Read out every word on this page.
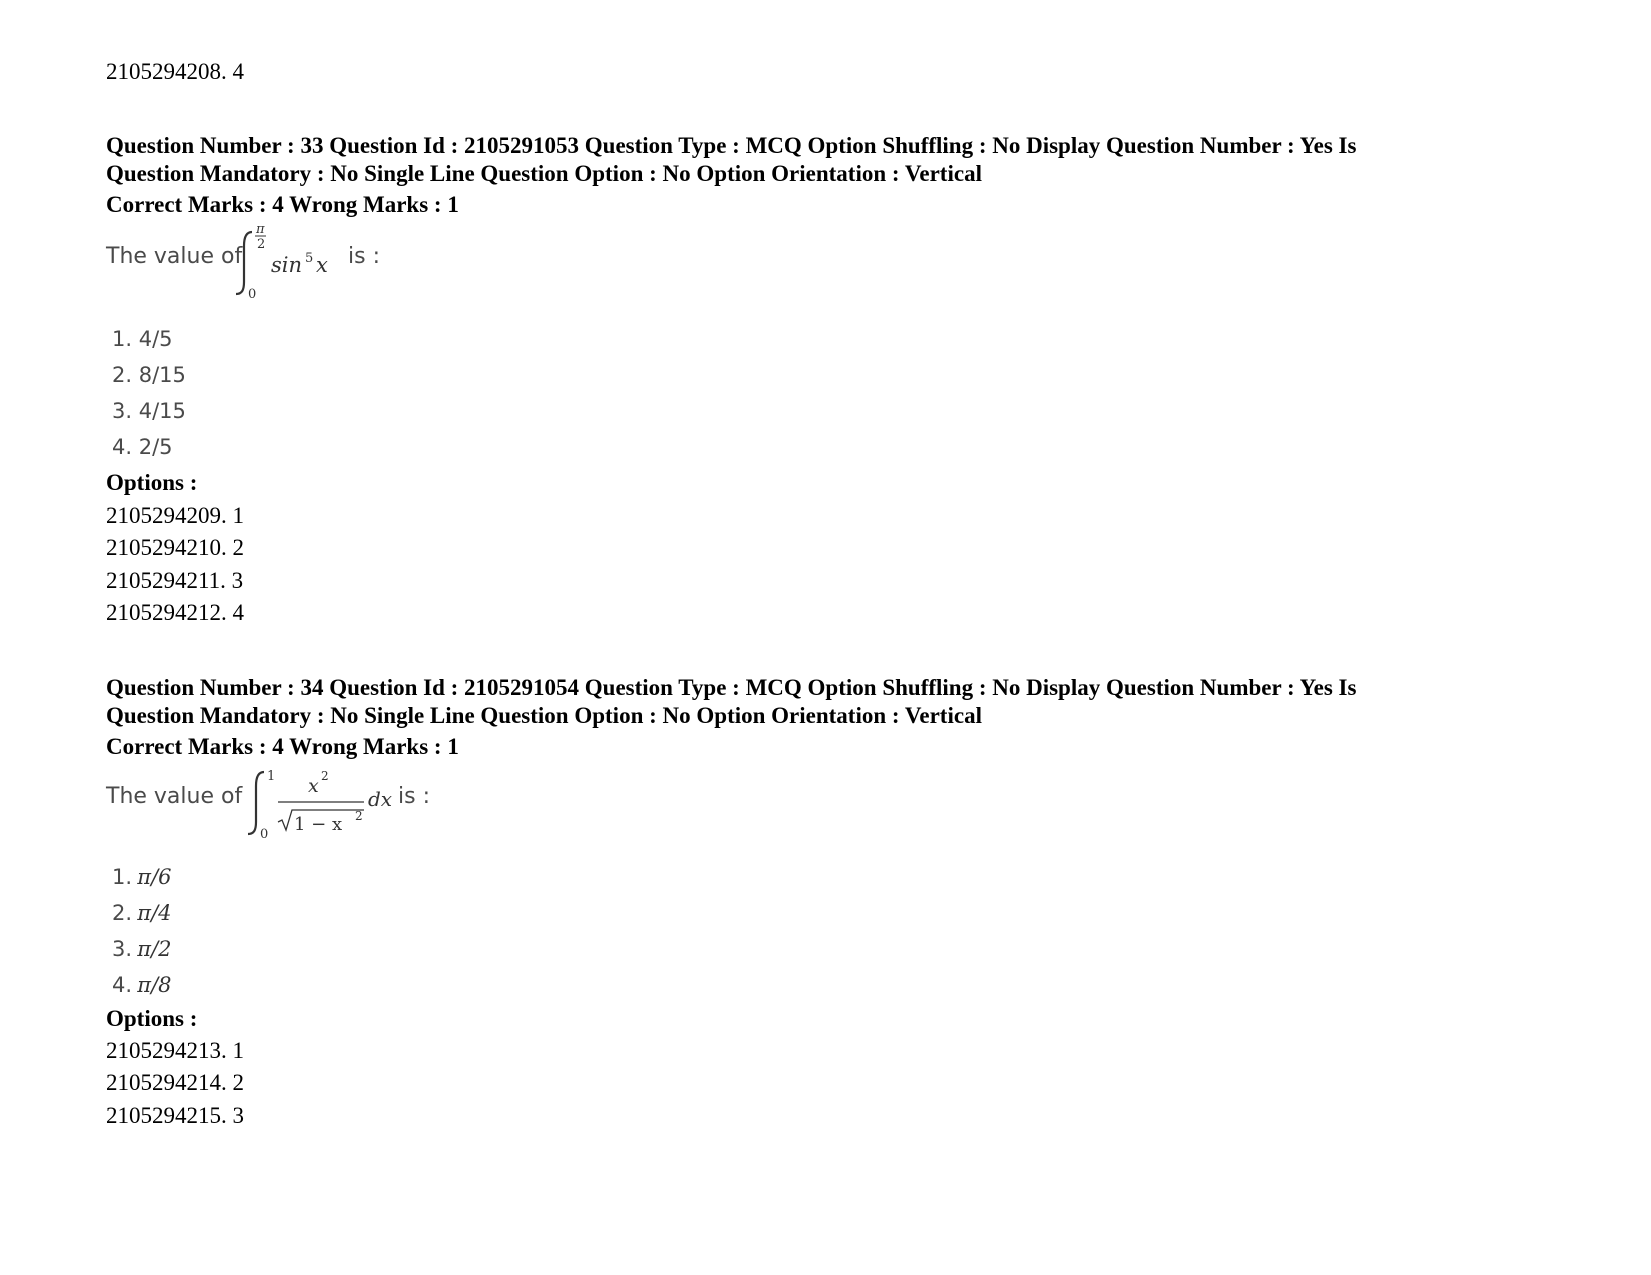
2105294208. 4
Question Number : 33 Question Id : 2105291053 Question Type : MCQ Option Shuffling : No Display Question Number : Yes Is
Question Mandatory : No Single Line Question Option : No Option Orientation : Vertical
Correct Marks : 4 Wrong Marks : 1
The value of
π
2
0
sin 5 x is :
1. 4/5
2. 8/15
3. 4/15
4. 2/5
Options :
2105294209. 1
2105294210. 2
2105294211. 3
2105294212. 4
Question Number : 34 Question Id : 2105291054 Question Type : MCQ Option Shuffling : No Display Question Number : Yes Is
Question Mandatory : No Single Line Question Option : No Option Orientation : Vertical
Correct Marks : 4 Wrong Marks : 1
The value of
1
0
x 2
1 − x 2
dx is :
1. π/6
2. π/4
3. π/2
4. π/8
Options :
2105294213. 1
2105294214. 2
2105294215. 3
